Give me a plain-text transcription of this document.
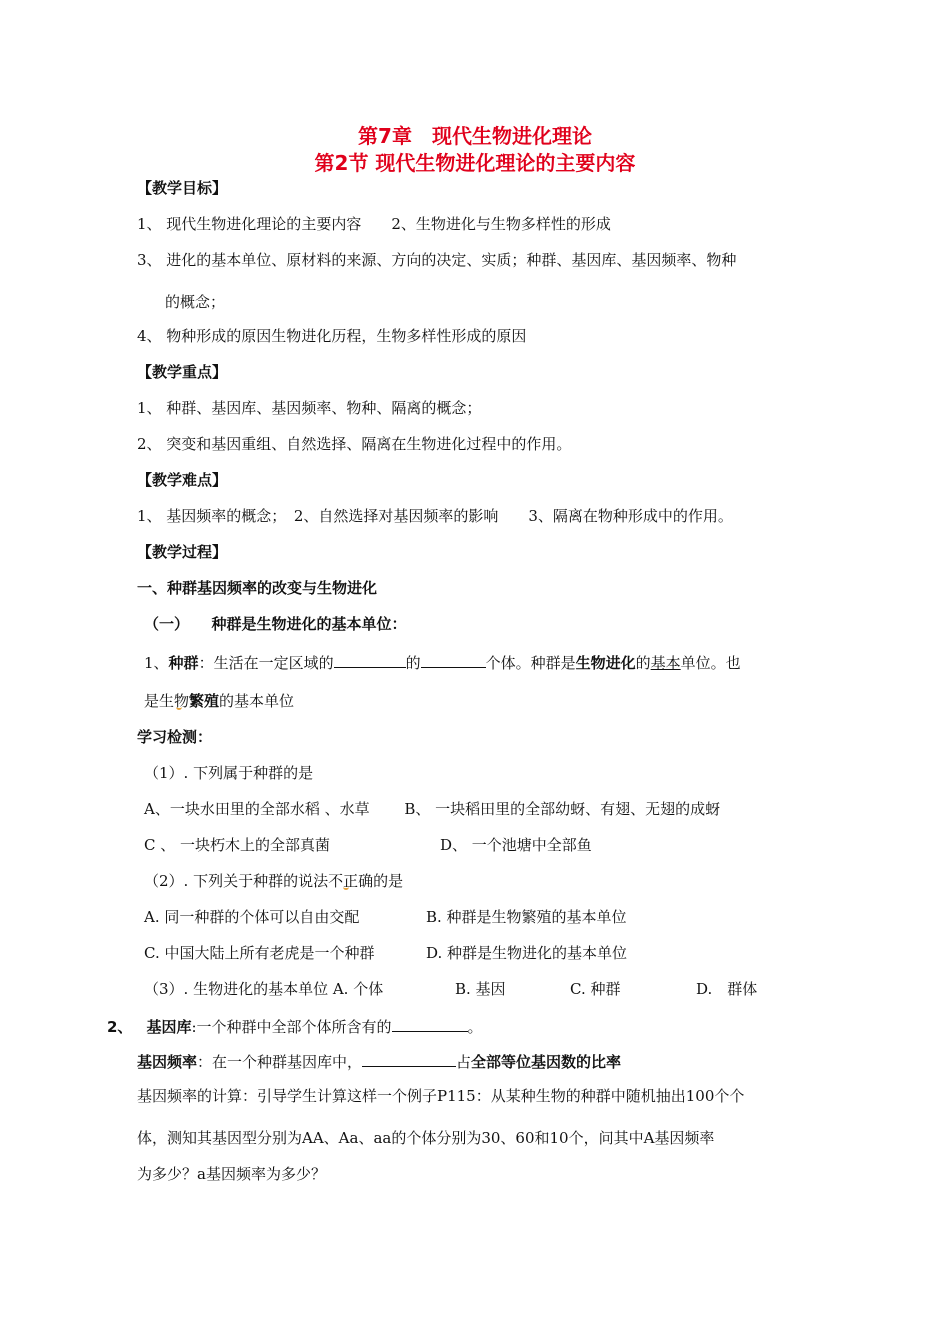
第7章　现代生物进化理论
第2节 现代生物进化理论的主要内容
【教学目标】
1、 现代生物进化理论的主要内容　　2、生物进化与生物多样性的形成
3、 进化的基本单位、原材料的来源、方向的决定、实质；种群、基因库、基因频率、物种
的概念；
4、 物种形成的原因生物进化历程，生物多样性形成的原因
【教学重点】
1、 种群、基因库、基因频率、物种、隔离的概念；
2、 突变和基因重组、自然选择、隔离在生物进化过程中的作用。
【教学难点】
1、 基因频率的概念；　2、自然选择对基因频率的影响　　3、隔离在物种形成中的作用。
【教学过程】
一、种群基因频率的改变与生物进化
（一）　　种群是生物进化的基本单位：
1、种群：生活在一定区域的	的	个体。种群是生物进化的基本单位。也
是生物繁殖的基本单位
学习检测：
（1）. 下列属于种群的是
A、一块水田里的全部水稻 、水草　　 B、 一块稻田里的全部幼蚜、有翅、无翅的成蚜
C 、 一块朽木上的全部真菌	D、 一个池塘中全部鱼
（2）. 下列关于种群的说法不正确的是
A. 同一种群的个体可以自由交配	B. 种群是生物繁殖的基本单位
C. 中国大陆上所有老虎是一个种群	D. 种群是生物进化的基本单位
（3）. 生物进化的基本单位 A. 个体	B. 基因	C. 种群	D.　群体
2、 基因库:一个种群中全部个体所含有的	。
基因频率：在一个种群基因库中，	占全部等位基因数的比率
基因频率的计算：引导学生计算这样一个例子P115：从某种生物的种群中随机抽出100个个
体，测知其基因型分别为AA、Aa、aa的个体分别为30、60和10个，问其中A基因频率
为多少？a基因频率为多少？
